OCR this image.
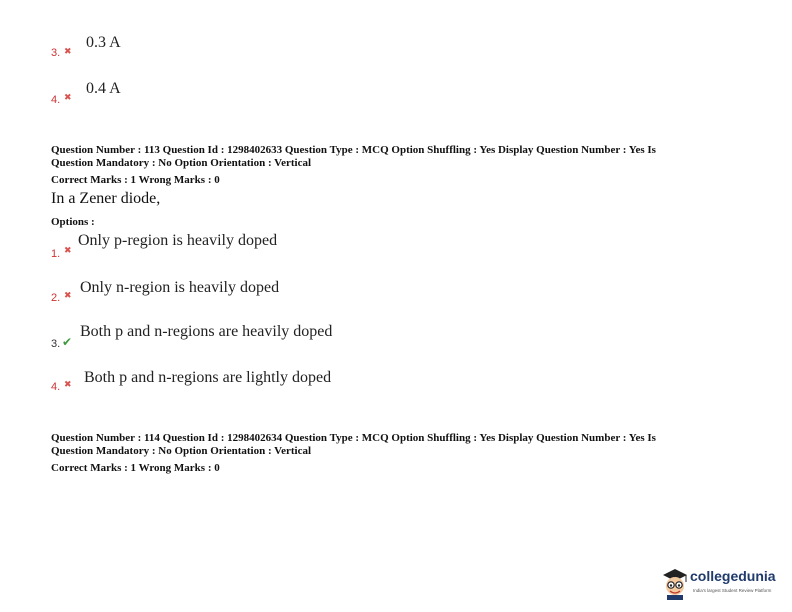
3. ✖
0.3 A
4. ✖
0.4 A
Question Number : 113 Question Id : 1298402633 Question Type : MCQ Option Shuffling : Yes Display Question Number : Yes Is
Question Mandatory : No Option Orientation : Vertical
Correct Marks : 1 Wrong Marks : 0
In a Zener diode,
Options :
1. ✖
Only p-region is heavily doped
2. ✖ Only n-region is heavily doped
3. ✔
Both p and n-regions are heavily doped
4. ✖ Both p and n-regions are lightly doped
Question Number : 114 Question Id : 1298402634 Question Type : MCQ Option Shuffling : Yes Display Question Number : Yes Is
Question Mandatory : No Option Orientation : Vertical
Correct Marks : 1 Wrong Marks : 0
collegedunia
India's largest Student Review Platform
